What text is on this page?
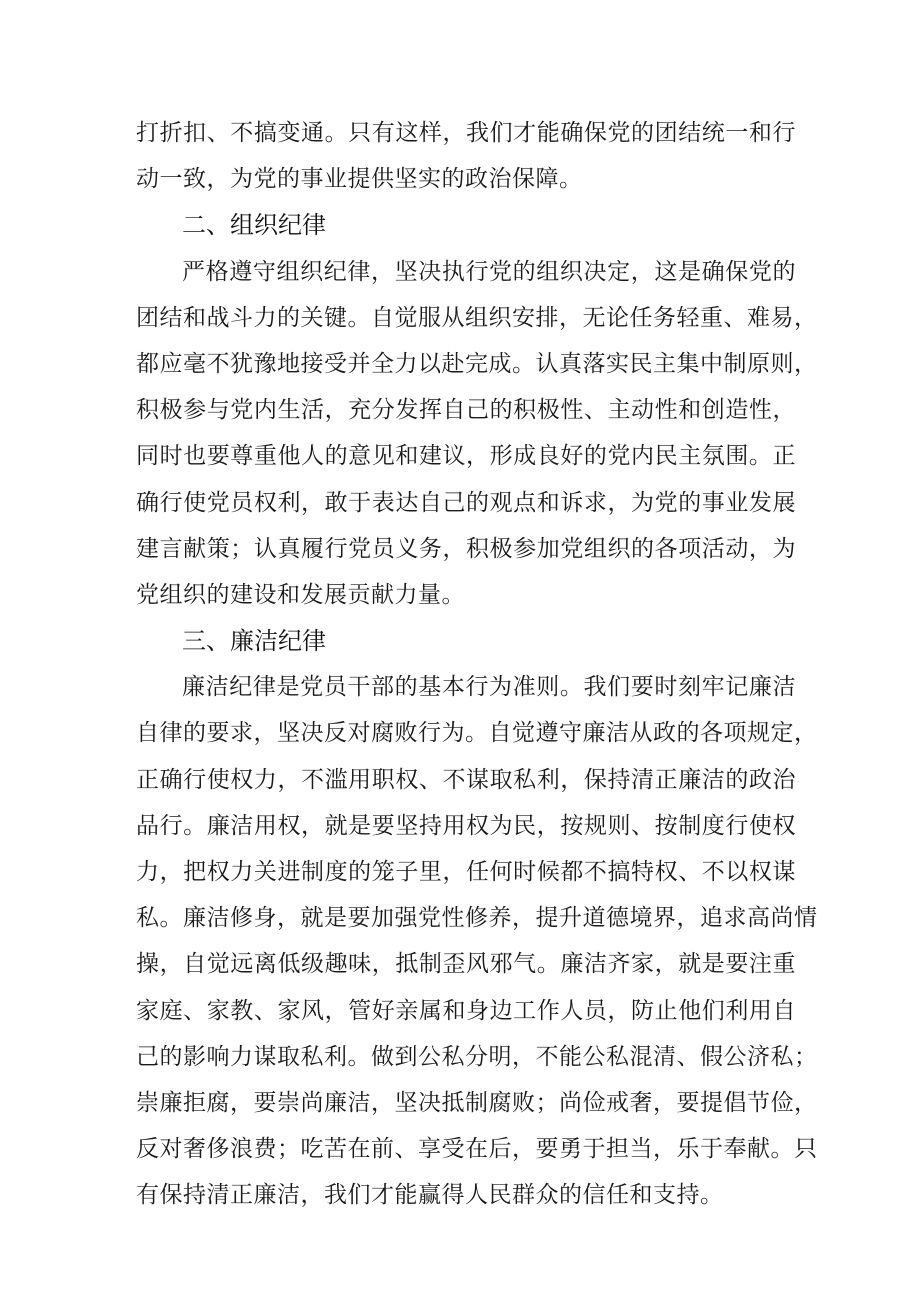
打折扣、不搞变通。只有这样，我们才能确保党的团结统一和行
动一致，为党的事业提供坚实的政治保障。
二、组织纪律
严格遵守组织纪律，坚决执行党的组织决定，这是确保党的
团结和战斗力的关键。自觉服从组织安排，无论任务轻重、难易，
都应毫不犹豫地接受并全力以赴完成。认真落实民主集中制原则，
积极参与党内生活，充分发挥自己的积极性、主动性和创造性，
同时也要尊重他人的意见和建议，形成良好的党内民主氛围。正
确行使党员权利，敢于表达自己的观点和诉求，为党的事业发展
建言献策；认真履行党员义务，积极参加党组织的各项活动，为
党组织的建设和发展贡献力量。
三、廉洁纪律
廉洁纪律是党员干部的基本行为准则。我们要时刻牢记廉洁
自律的要求，坚决反对腐败行为。自觉遵守廉洁从政的各项规定，
正确行使权力，不滥用职权、不谋取私利，保持清正廉洁的政治
品行。廉洁用权，就是要坚持用权为民，按规则、按制度行使权
力，把权力关进制度的笼子里，任何时候都不搞特权、不以权谋
私。廉洁修身，就是要加强党性修养，提升道德境界，追求高尚情
操，自觉远离低级趣味，抵制歪风邪气。廉洁齐家，就是要注重
家庭、家教、家风，管好亲属和身边工作人员，防止他们利用自
己的影响力谋取私利。做到公私分明，不能公私混清、假公济私；
崇廉拒腐，要崇尚廉洁，坚决抵制腐败；尚俭戒奢，要提倡节俭，
反对奢侈浪费；吃苦在前、享受在后，要勇于担当，乐于奉献。只
有保持清正廉洁，我们才能赢得人民群众的信任和支持。
